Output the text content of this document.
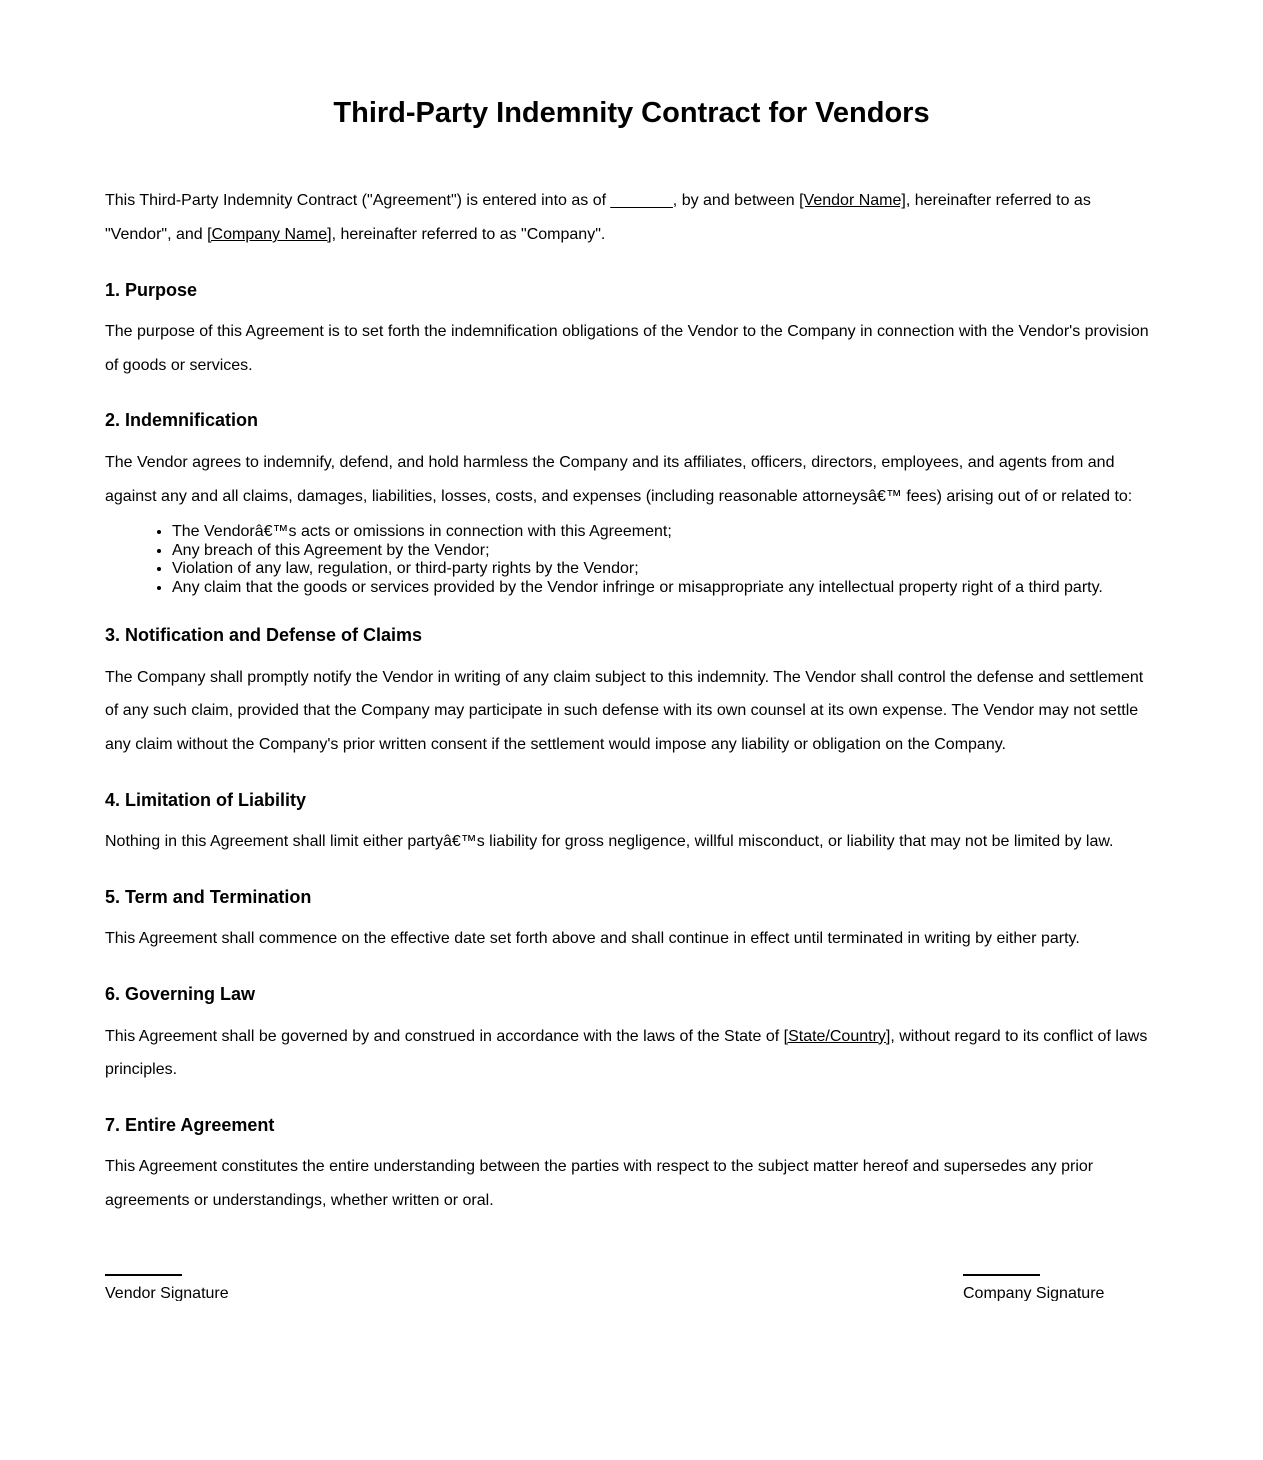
Third-Party Indemnity Contract for Vendors

This Third-Party Indemnity Contract ("Agreement") is entered into as of _______, by and between [Vendor Name], hereinafter referred to as "Vendor", and [Company Name], hereinafter referred to as "Company".

1. Purpose

The purpose of this Agreement is to set forth the indemnification obligations of the Vendor to the Company in connection with the Vendor's provision of goods or services.

2. Indemnification

The Vendor agrees to indemnify, defend, and hold harmless the Company and its affiliates, officers, directors, employees, and agents from and against any and all claims, damages, liabilities, losses, costs, and expenses (including reasonable attorneysâ€™ fees) arising out of or related to:

• The Vendorâ€™s acts or omissions in connection with this Agreement;
• Any breach of this Agreement by the Vendor;
• Violation of any law, regulation, or third-party rights by the Vendor;
• Any claim that the goods or services provided by the Vendor infringe or misappropriate any intellectual property right of a third party.
3. Notification and Defense of Claims

The Company shall promptly notify the Vendor in writing of any claim subject to this indemnity. The Vendor shall control the defense and settlement of any such claim, provided that the Company may participate in such defense with its own counsel at its own expense. The Vendor may not settle any claim without the Company's prior written consent if the settlement would impose any liability or obligation on the Company.

4. Limitation of Liability

Nothing in this Agreement shall limit either partyâ€™s liability for gross negligence, willful misconduct, or liability that may not be limited by law.

5. Term and Termination

This Agreement shall commence on the effective date set forth above and shall continue in effect until terminated in writing by either party.

6. Governing Law

This Agreement shall be governed by and construed in accordance with the laws of the State of [State/Country], without regard to its conflict of laws principles.

7. Entire Agreement

This Agreement constitutes the entire understanding between the parties with respect to the subject matter hereof and supersedes any prior agreements or understandings, whether written or oral.

Vendor Signature	Company Signature
